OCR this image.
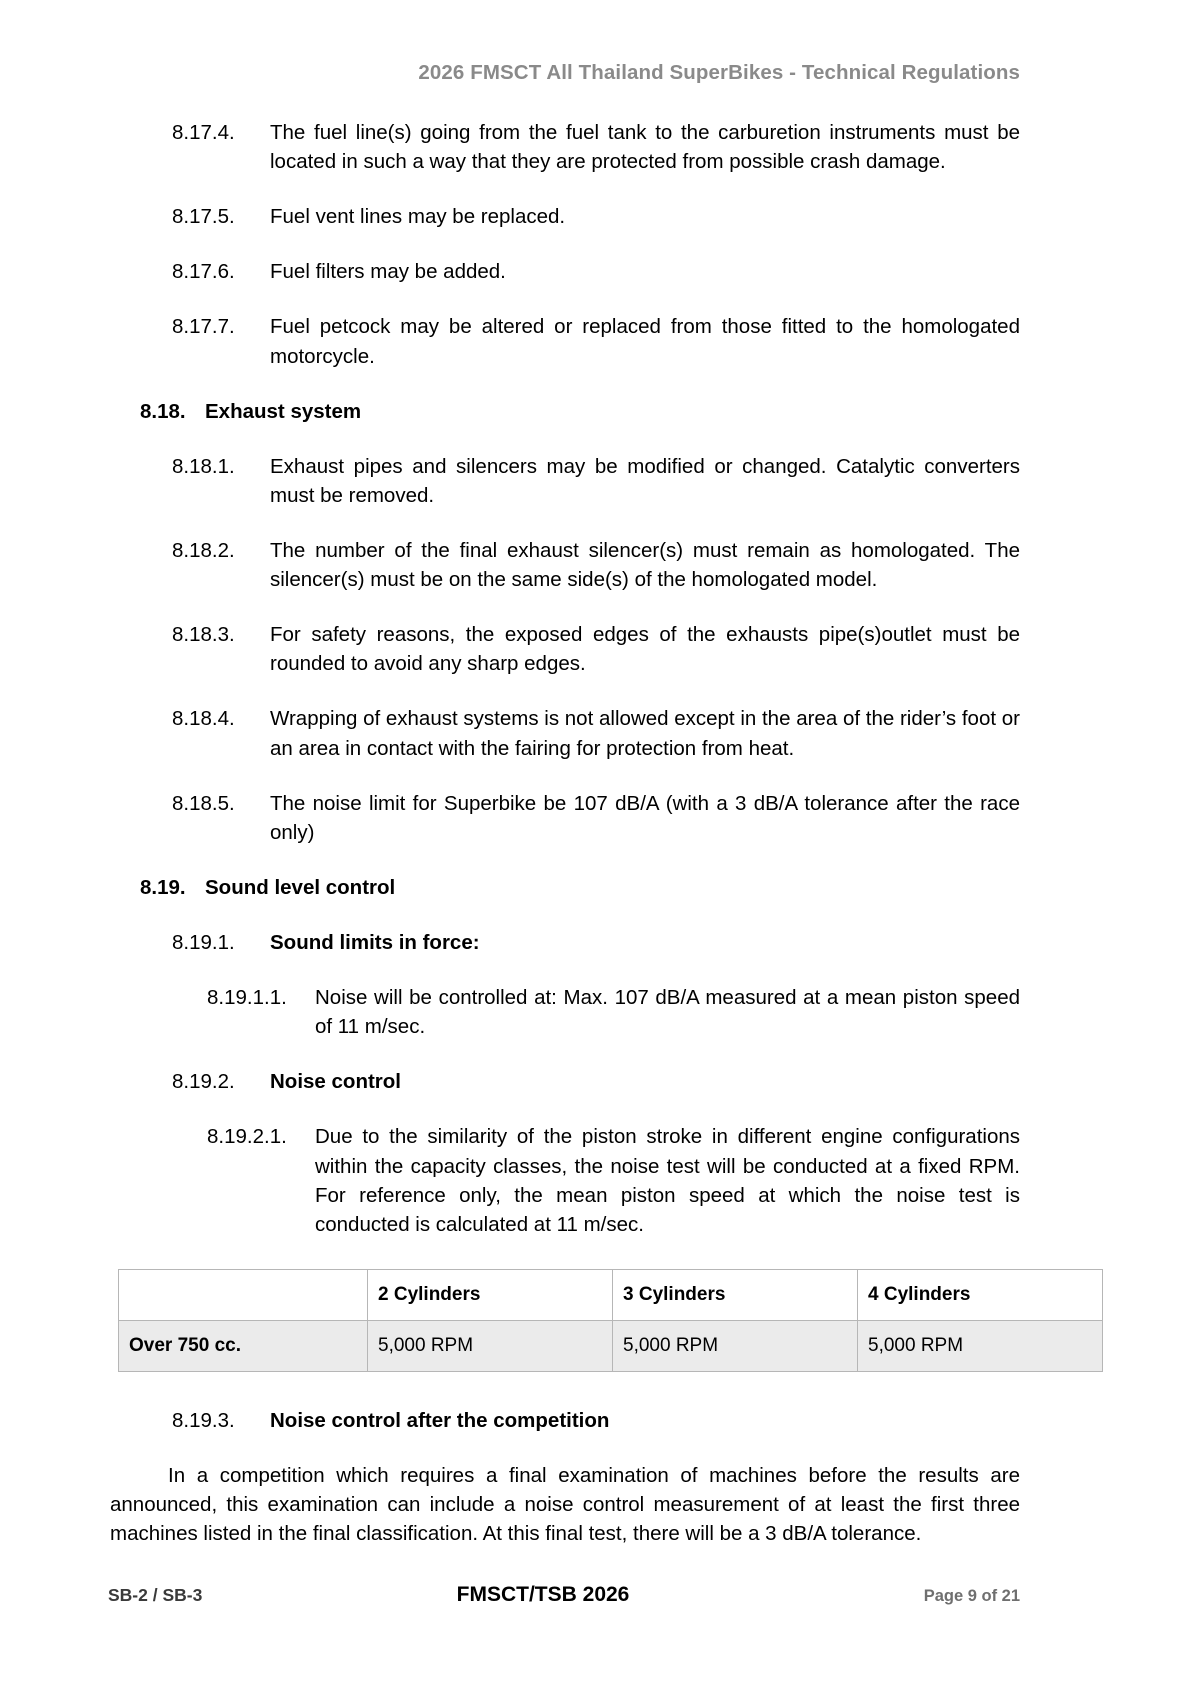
2026 FMSCT All Thailand SuperBikes - Technical Regulations
8.17.4.	The fuel line(s) going from the fuel tank to the carburetion instruments must be located in such a way that they are protected from possible crash damage.
8.17.5.	Fuel vent lines may be replaced.
8.17.6.	Fuel filters may be added.
8.17.7.	Fuel petcock may be altered or replaced from those fitted to the homologated motorcycle.
8.18. Exhaust system
8.18.1.	Exhaust pipes and silencers may be modified or changed. Catalytic converters must be removed.
8.18.2.	The number of the final exhaust silencer(s) must remain as homologated. The silencer(s) must be on the same side(s) of the homologated model.
8.18.3.	For safety reasons, the exposed edges of the exhausts pipe(s)outlet must be rounded to avoid any sharp edges.
8.18.4.	Wrapping of exhaust systems is not allowed except in the area of the rider’s foot or an area in contact with the fairing for protection from heat.
8.18.5.	The noise limit for Superbike be 107 dB/A (with a 3 dB/A tolerance after the race only)
8.19. Sound level control
8.19.1.	Sound limits in force:
8.19.1.1.	Noise will be controlled at: Max. 107 dB/A measured at a mean piston speed of 11 m/sec.
8.19.2.	Noise control
8.19.2.1.	Due to the similarity of the piston stroke in different engine configurations within the capacity classes, the noise test will be conducted at a fixed RPM. For reference only, the mean piston speed at which the noise test is conducted is calculated at 11 m/sec.
	2 Cylinders	3 Cylinders	4 Cylinders
Over 750 cc.	5,000 RPM	5,000 RPM	5,000 RPM
8.19.3.	Noise control after the competition

In a competition which requires a final examination of machines before the results are announced, this examination can include a noise control measurement of at least the first three machines listed in the final classification. At this final test, there will be a 3 dB/A tolerance.

SB-2 / SB-3	FMSCT/TSB 2026	Page 9 of 21
